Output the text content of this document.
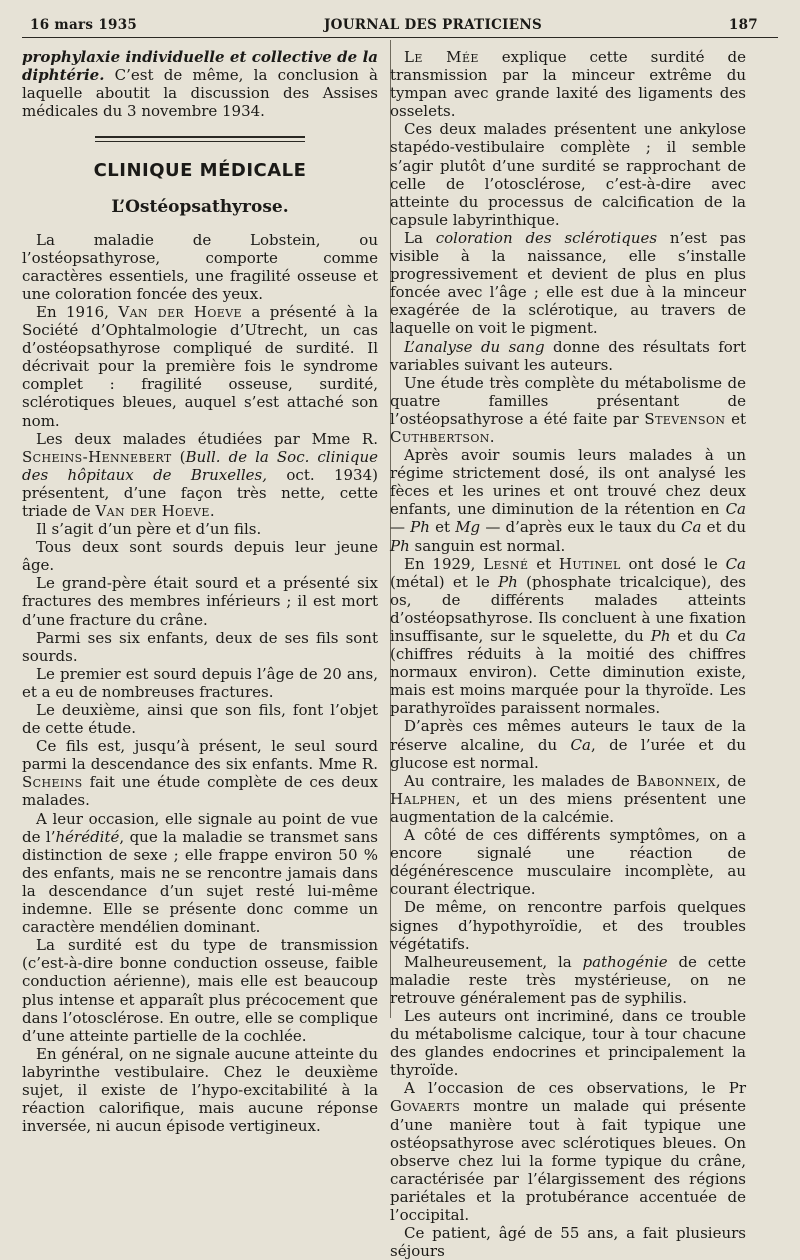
16 mars 1935	JOURNAL DES PRATICIENS	187

prophylaxie individuelle et collective de la diphtérie. C’est de même, la conclusion à laquelle aboutit la discussion des Assises médicales du 3 novembre 1934.

CLINIQUE MÉDICALE
L’Ostéopsathyrose.

La maladie de Lobstein, ou l’ostéopsathyrose, comporte comme caractères essentiels, une fragilité osseuse et une coloration foncée des yeux.

En 1916, Van der Hoeve a présenté à la Société d’Ophtalmologie d’Utrecht, un cas d’ostéopsathyrose compliqué de surdité. Il décrivait pour la première fois le syndrome complet : fragilité osseuse, surdité, sclérotiques bleues, auquel s’est attaché son nom.

Les deux malades étudiées par Mme R. Scheins-Hennebert (Bull. de la Soc. clinique des hôpitaux de Bruxelles, oct. 1934) présentent, d’une façon très nette, cette triade de Van der Hoeve.

Il s’agit d’un père et d’un fils.

Tous deux sont sourds depuis leur jeune âge.

Le grand-père était sourd et a présenté six fractures des membres inférieurs ; il est mort d’une fracture du crâne.

Parmi ses six enfants, deux de ses fils sont sourds.

Le premier est sourd depuis l’âge de 20 ans, et a eu de nombreuses fractures.

Le deuxième, ainsi que son fils, font l’objet de cette étude.

Ce fils est, jusqu’à présent, le seul sourd parmi la descendance des six enfants. Mme R. Scheins fait une étude complète de ces deux malades.

A leur occasion, elle signale au point de vue de l’hérédité, que la maladie se transmet sans distinction de sexe ; elle frappe environ 50 % des enfants, mais ne se rencontre jamais dans la descendance d’un sujet resté lui-même indemne. Elle se présente donc comme un caractère mendélien dominant.

La surdité est du type de transmission (c’est-à-dire bonne conduction osseuse, faible conduction aérienne), mais elle est beaucoup plus intense et apparaît plus précocement que dans l’otosclérose. En outre, elle se complique d’une atteinte partielle de la cochlée.

En général, on ne signale aucune atteinte du labyrinthe vestibulaire. Chez le deuxième sujet, il existe de l’hypo-excitabilité à la réaction calorifique, mais aucune réponse inversée, ni aucun épisode vertigineux.

Le Mée explique cette surdité de transmission par la minceur extrême du tympan avec grande laxité des ligaments des osselets.

Ces deux malades présentent une ankylose stapédo-vestibulaire complète ; il semble s’agir plutôt d’une surdité se rapprochant de celle de l’otosclérose, c’est-à-dire avec atteinte du processus de calcification de la capsule labyrinthique.

La coloration des sclérotiques n’est pas visible à la naissance, elle s’installe progressivement et devient de plus en plus foncée avec l’âge ; elle est due à la minceur exagérée de la sclérotique, au travers de laquelle on voit le pigment.

L’analyse du sang donne des résultats fort variables suivant les auteurs.

Une étude très complète du métabolisme de quatre familles présentant de l’ostéopsathyrose a été faite par Stevenson et Cuthbertson.

Après avoir soumis leurs malades à un régime strictement dosé, ils ont analysé les fèces et les urines et ont trouvé chez deux enfants, une diminution de la rétention en Ca — Ph et Mg — d’après eux le taux du Ca et du Ph sanguin est normal.

En 1929, Lesné et Hutinel ont dosé le Ca (métal) et le Ph (phosphate tricalcique), des os, de différents malades atteints d’ostéopsathyrose. Ils concluent à une fixation insuffisante, sur le squelette, du Ph et du Ca (chiffres réduits à la moitié des chiffres normaux environ). Cette diminution existe, mais est moins marquée pour la thyroïde. Les parathyroïdes paraissent normales.

D’après ces mêmes auteurs le taux de la réserve alcaline, du Ca, de l’urée et du glucose est normal.

Au contraire, les malades de Babonneix, de Halphen, et un des miens présentent une augmentation de la calcémie.

A côté de ces différents symptômes, on a encore signalé une réaction de dégénérescence musculaire incomplète, au courant électrique.

De même, on rencontre parfois quelques signes d’hypothyroïdie, et des troubles végétatifs.

Malheureusement, la pathogénie de cette maladie reste très mystérieuse, on ne retrouve généralement pas de syphilis.

Les auteurs ont incriminé, dans ce trouble du métabolisme calcique, tour à tour chacune des glandes endocrines et principalement la thyroïde.

A l’occasion de ces observations, le Pr Govaerts montre un malade qui présente d’une manière tout à fait typique une ostéopsathyrose avec sclérotiques bleues. On observe chez lui la forme typique du crâne, caractérisée par l’élargissement des régions pariétales et la protubérance accentuée de l’occipital.

Ce patient, âgé de 55 ans, a fait plusieurs séjours
